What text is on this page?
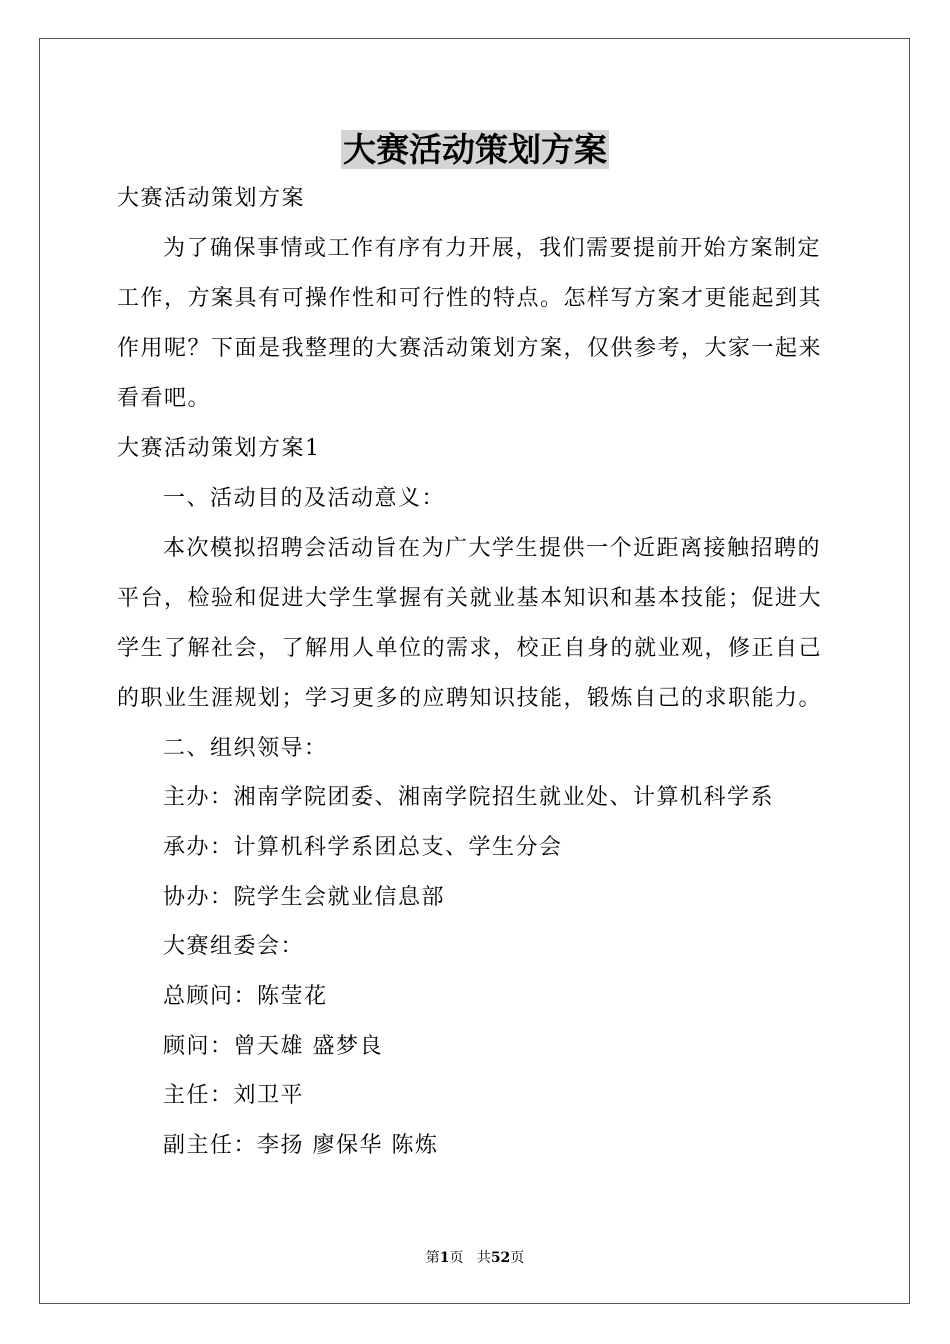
大赛活动策划方案
大赛活动策划方案
为了确保事情或工作有序有力开展，我们需要提前开始方案制定
工作，方案具有可操作性和可行性的特点。怎样写方案才更能起到其
作用呢？下面是我整理的大赛活动策划方案，仅供参考，大家一起来
看看吧。
大赛活动策划方案1
一、活动目的及活动意义：
本次模拟招聘会活动旨在为广大学生提供一个近距离接触招聘的
平台，检验和促进大学生掌握有关就业基本知识和基本技能；促进大
学生了解社会，了解用人单位的需求，校正自身的就业观，修正自己
的职业生涯规划；学习更多的应聘知识技能，锻炼自己的求职能力。
二、组织领导：
主办：湘南学院团委、湘南学院招生就业处、计算机科学系
承办：计算机科学系团总支、学生分会
协办：院学生会就业信息部
大赛组委会：
总顾问：陈莹花
顾问：曾天雄 盛梦良
主任：刘卫平
副主任：李扬 廖保华 陈炼
第1页 共52页
